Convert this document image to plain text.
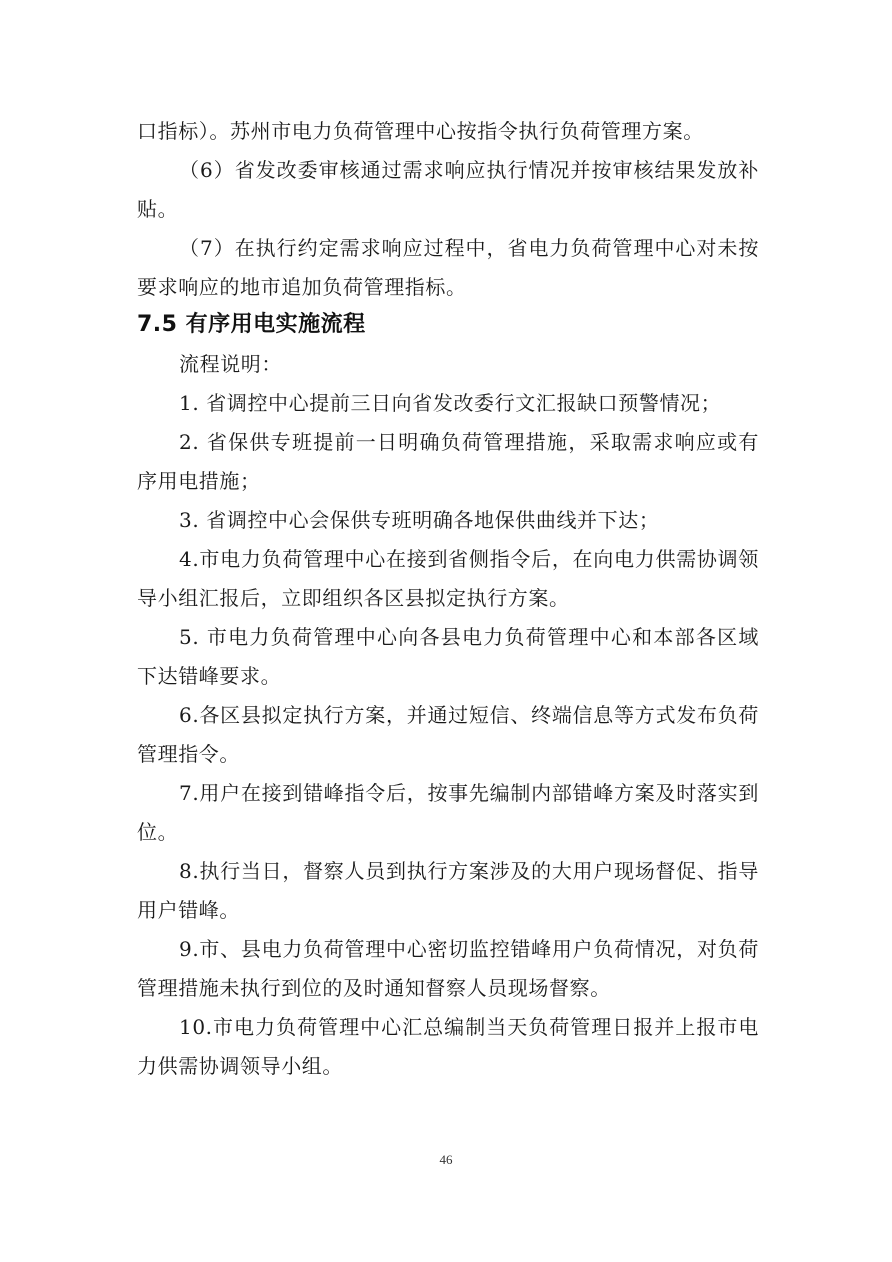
口指标）。苏州市电力负荷管理中心按指令执行负荷管理方案。

（6）省发改委审核通过需求响应执行情况并按审核结果发放补贴。

（7）在执行约定需求响应过程中，省电力负荷管理中心对未按要求响应的地市追加负荷管理指标。

7.5 有序用电实施流程

流程说明：

1. 省调控中心提前三日向省发改委行文汇报缺口预警情况；

2. 省保供专班提前一日明确负荷管理措施，采取需求响应或有序用电措施；

3. 省调控中心会保供专班明确各地保供曲线并下达；

4.市电力负荷管理中心在接到省侧指令后，在向电力供需协调领导小组汇报后，立即组织各区县拟定执行方案。

5. 市电力负荷管理中心向各县电力负荷管理中心和本部各区域下达错峰要求。

6.各区县拟定执行方案，并通过短信、终端信息等方式发布负荷管理指令。

7.用户在接到错峰指令后，按事先编制内部错峰方案及时落实到位。

8.执行当日，督察人员到执行方案涉及的大用户现场督促、指导用户错峰。

9.市、县电力负荷管理中心密切监控错峰用户负荷情况，对负荷管理措施未执行到位的及时通知督察人员现场督察。

10.市电力负荷管理中心汇总编制当天负荷管理日报并上报市电力供需协调领导小组。

46
